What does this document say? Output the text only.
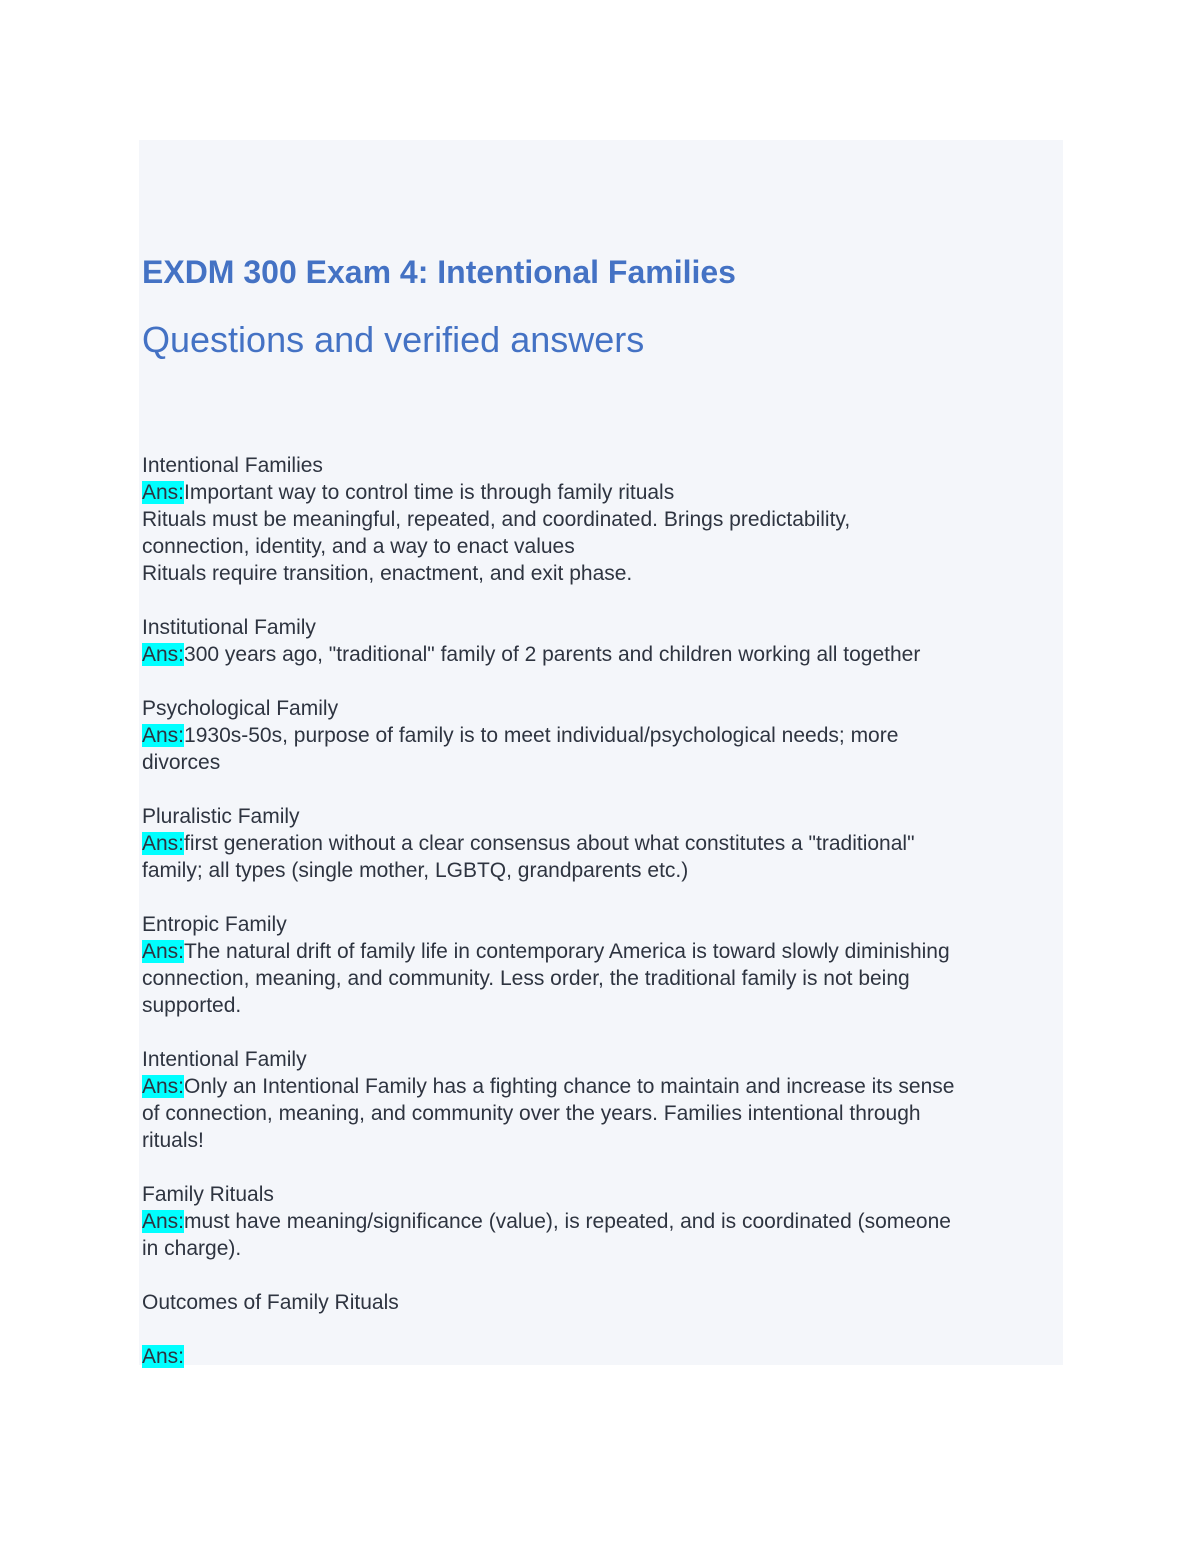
EXDM 300 Exam 4: Intentional Families
Questions and verified answers
Intentional Families
Ans:Important way to control time is through family rituals
Rituals must be meaningful, repeated, and coordinated. Brings predictability,
connection, identity, and a way to enact values
Rituals require transition, enactment, and exit phase.
Institutional Family
Ans:300 years ago, "traditional" family of 2 parents and children working all together
Psychological Family
Ans:1930s-50s, purpose of family is to meet individual/psychological needs; more
divorces
Pluralistic Family
Ans:first generation without a clear consensus about what constitutes a "traditional"
family; all types (single mother, LGBTQ, grandparents etc.)
Entropic Family
Ans:The natural drift of family life in contemporary America is toward slowly diminishing
connection, meaning, and community. Less order, the traditional family is not being
supported.
Intentional Family
Ans:Only an Intentional Family has a fighting chance to maintain and increase its sense
of connection, meaning, and community over the years. Families intentional through
rituals!
Family Rituals
Ans:must have meaning/significance (value), is repeated, and is coordinated (someone
in charge).
Outcomes of Family Rituals
Ans:
